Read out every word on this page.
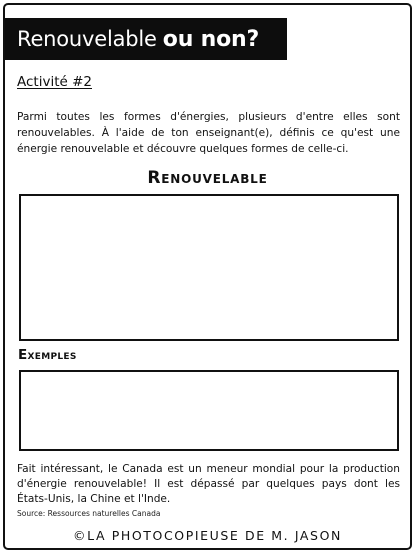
Renouvelable ou non?
Activité #2

Parmi toutes les formes d'énergies, plusieurs d'entre elles sont renouvelables. À l'aide de ton enseignant(e), définis ce qu'est une énergie renouvelable et découvre quelques formes de celle-ci.

Renouvelable
Exemples

Fait intéressant, le Canada est un meneur mondial pour la production d'énergie renouvelable! Il est dépassé par quelques pays dont les États-Unis, la Chine et l'Inde.

Source: Ressources naturelles Canada
©LA PHOTOCOPIEUSE DE M. JASON
